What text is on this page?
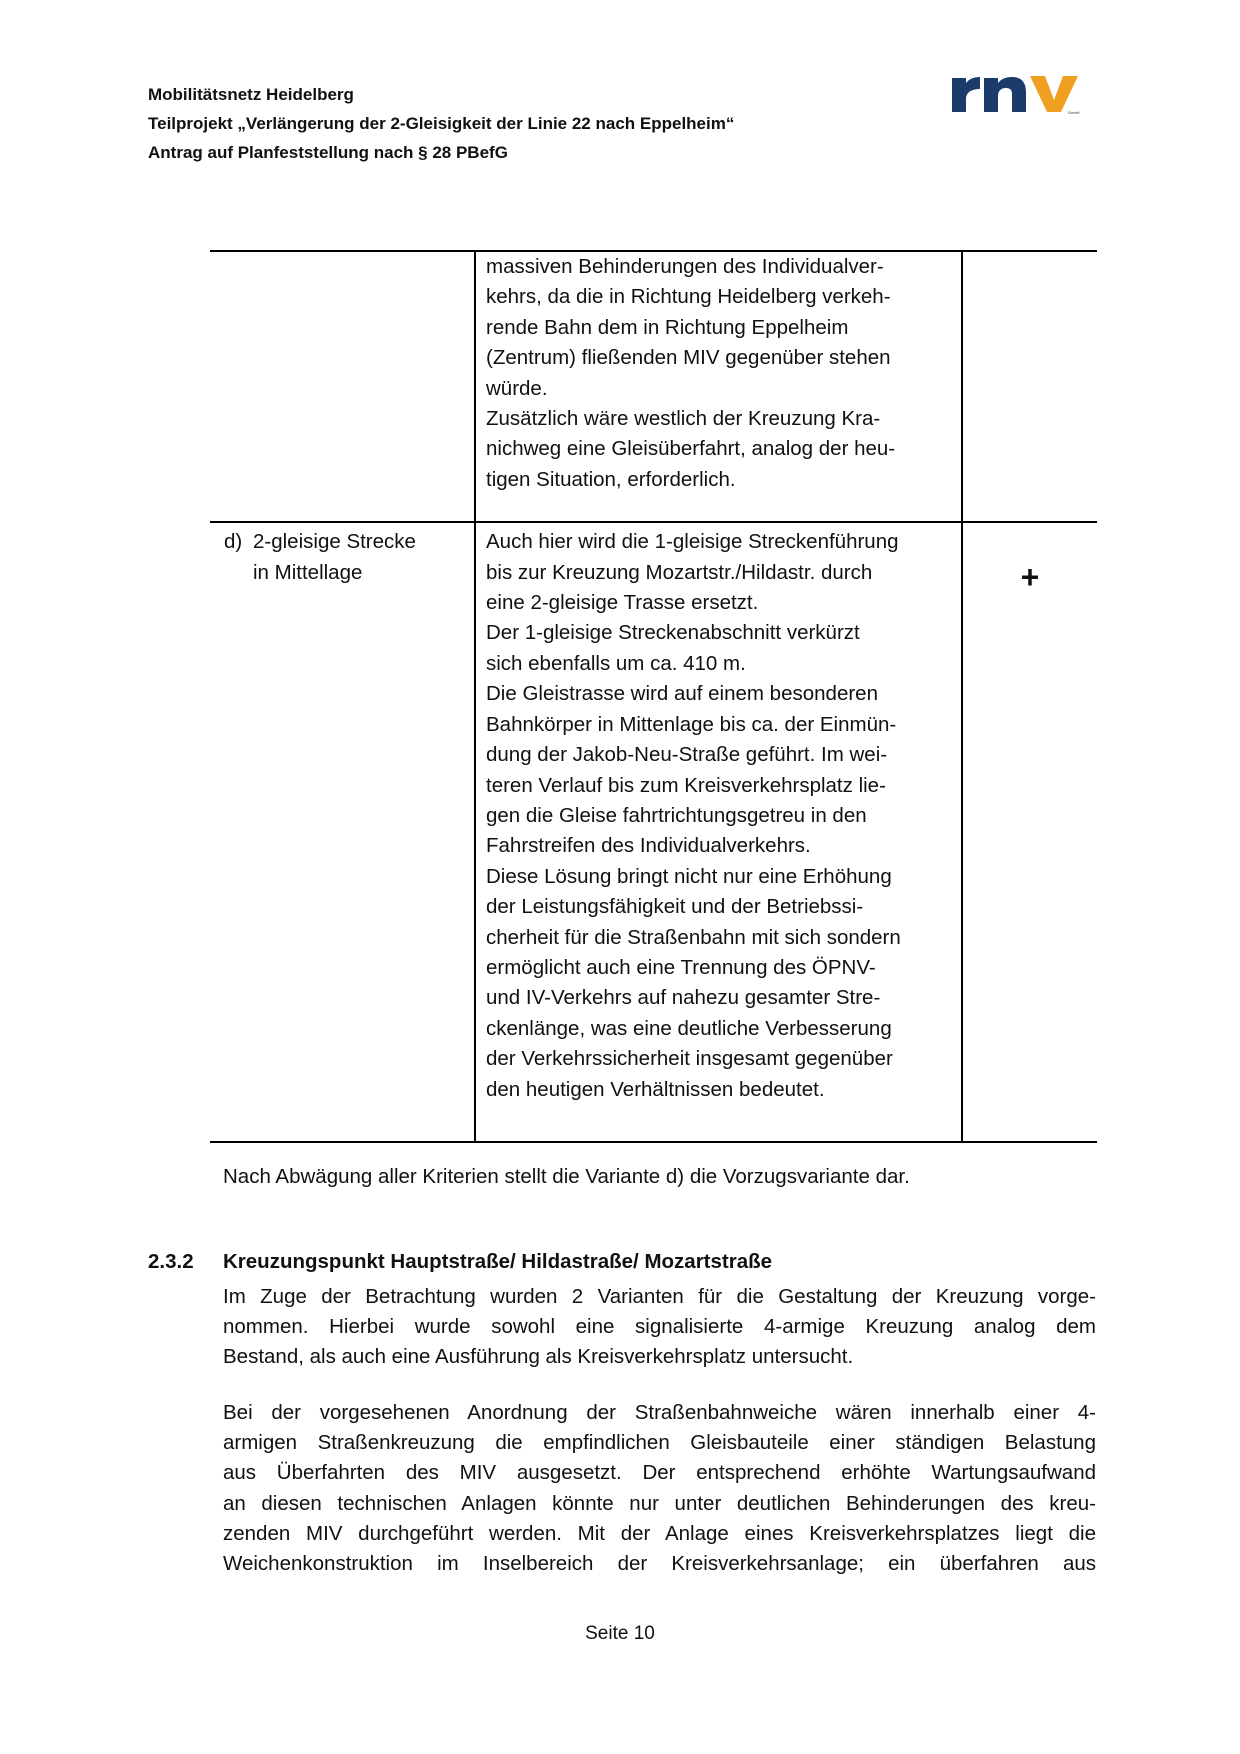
Mobilitätsnetz Heidelberg
Teilprojekt „Verlängerung der 2-Gleisigkeit der Linie 22 nach Eppelheim“
Antrag auf Planfeststellung nach § 28 PBefG
GmbH

massiven Behinderungen des Individualver-

kehrs, da die in Richtung Heidelberg verkeh-

rende Bahn dem in Richtung Eppelheim

(Zentrum) fließenden MIV gegenüber stehen

würde.

Zusätzlich wäre westlich der Kreuzung Kra-

nichweg eine Gleisüberfahrt, analog der heu-

tigen Situation, erforderlich.

d) 2-gleisige Strecke
in Mittellage

Auch hier wird die 1-gleisige Streckenführung

bis zur Kreuzung Mozartstr./Hildastr. durch

eine 2-gleisige Trasse ersetzt.

Der 1-gleisige Streckenabschnitt verkürzt

sich ebenfalls um ca. 410 m.

Die Gleistrasse wird auf einem besonderen

Bahnkörper in Mittenlage bis ca. der Einmün-

dung der Jakob-Neu-Straße geführt. Im wei-

teren Verlauf bis zum Kreisverkehrsplatz lie-

gen die Gleise fahrtrichtungsgetreu in den

Fahrstreifen des Individualverkehrs.

Diese Lösung bringt nicht nur eine Erhöhung

der Leistungsfähigkeit und der Betriebssi-

cherheit für die Straßenbahn mit sich sondern

ermöglicht auch eine Trennung des ÖPNV-

und IV-Verkehrs auf nahezu gesamter Stre-

ckenlänge, was eine deutliche Verbesserung

der Verkehrssicherheit insgesamt gegenüber

den heutigen Verhältnissen bedeutet.

+
Nach Abwägung aller Kriterien stellt die Variante d) die Vorzugsvariante dar.
2.3.2 Kreuzungspunkt Hauptstraße/ Hildastraße/ Mozartstraße
Im Zuge der Betrachtung wurden 2 Varianten für die Gestaltung der Kreuzung vorge-
nommen. Hierbei wurde sowohl eine signalisierte 4-armige Kreuzung analog dem
Bestand, als auch eine Ausführung als Kreisverkehrsplatz untersucht.
Bei der vorgesehenen Anordnung der Straßenbahnweiche wären innerhalb einer 4-
armigen Straßenkreuzung die empfindlichen Gleisbauteile einer ständigen Belastung
aus Überfahrten des MIV ausgesetzt. Der entsprechend erhöhte Wartungsaufwand
an diesen technischen Anlagen könnte nur unter deutlichen Behinderungen des kreu-
zenden MIV durchgeführt werden. Mit der Anlage eines Kreisverkehrsplatzes liegt die
Weichenkonstruktion im Inselbereich der Kreisverkehrsanlage; ein überfahren aus
Seite 10
